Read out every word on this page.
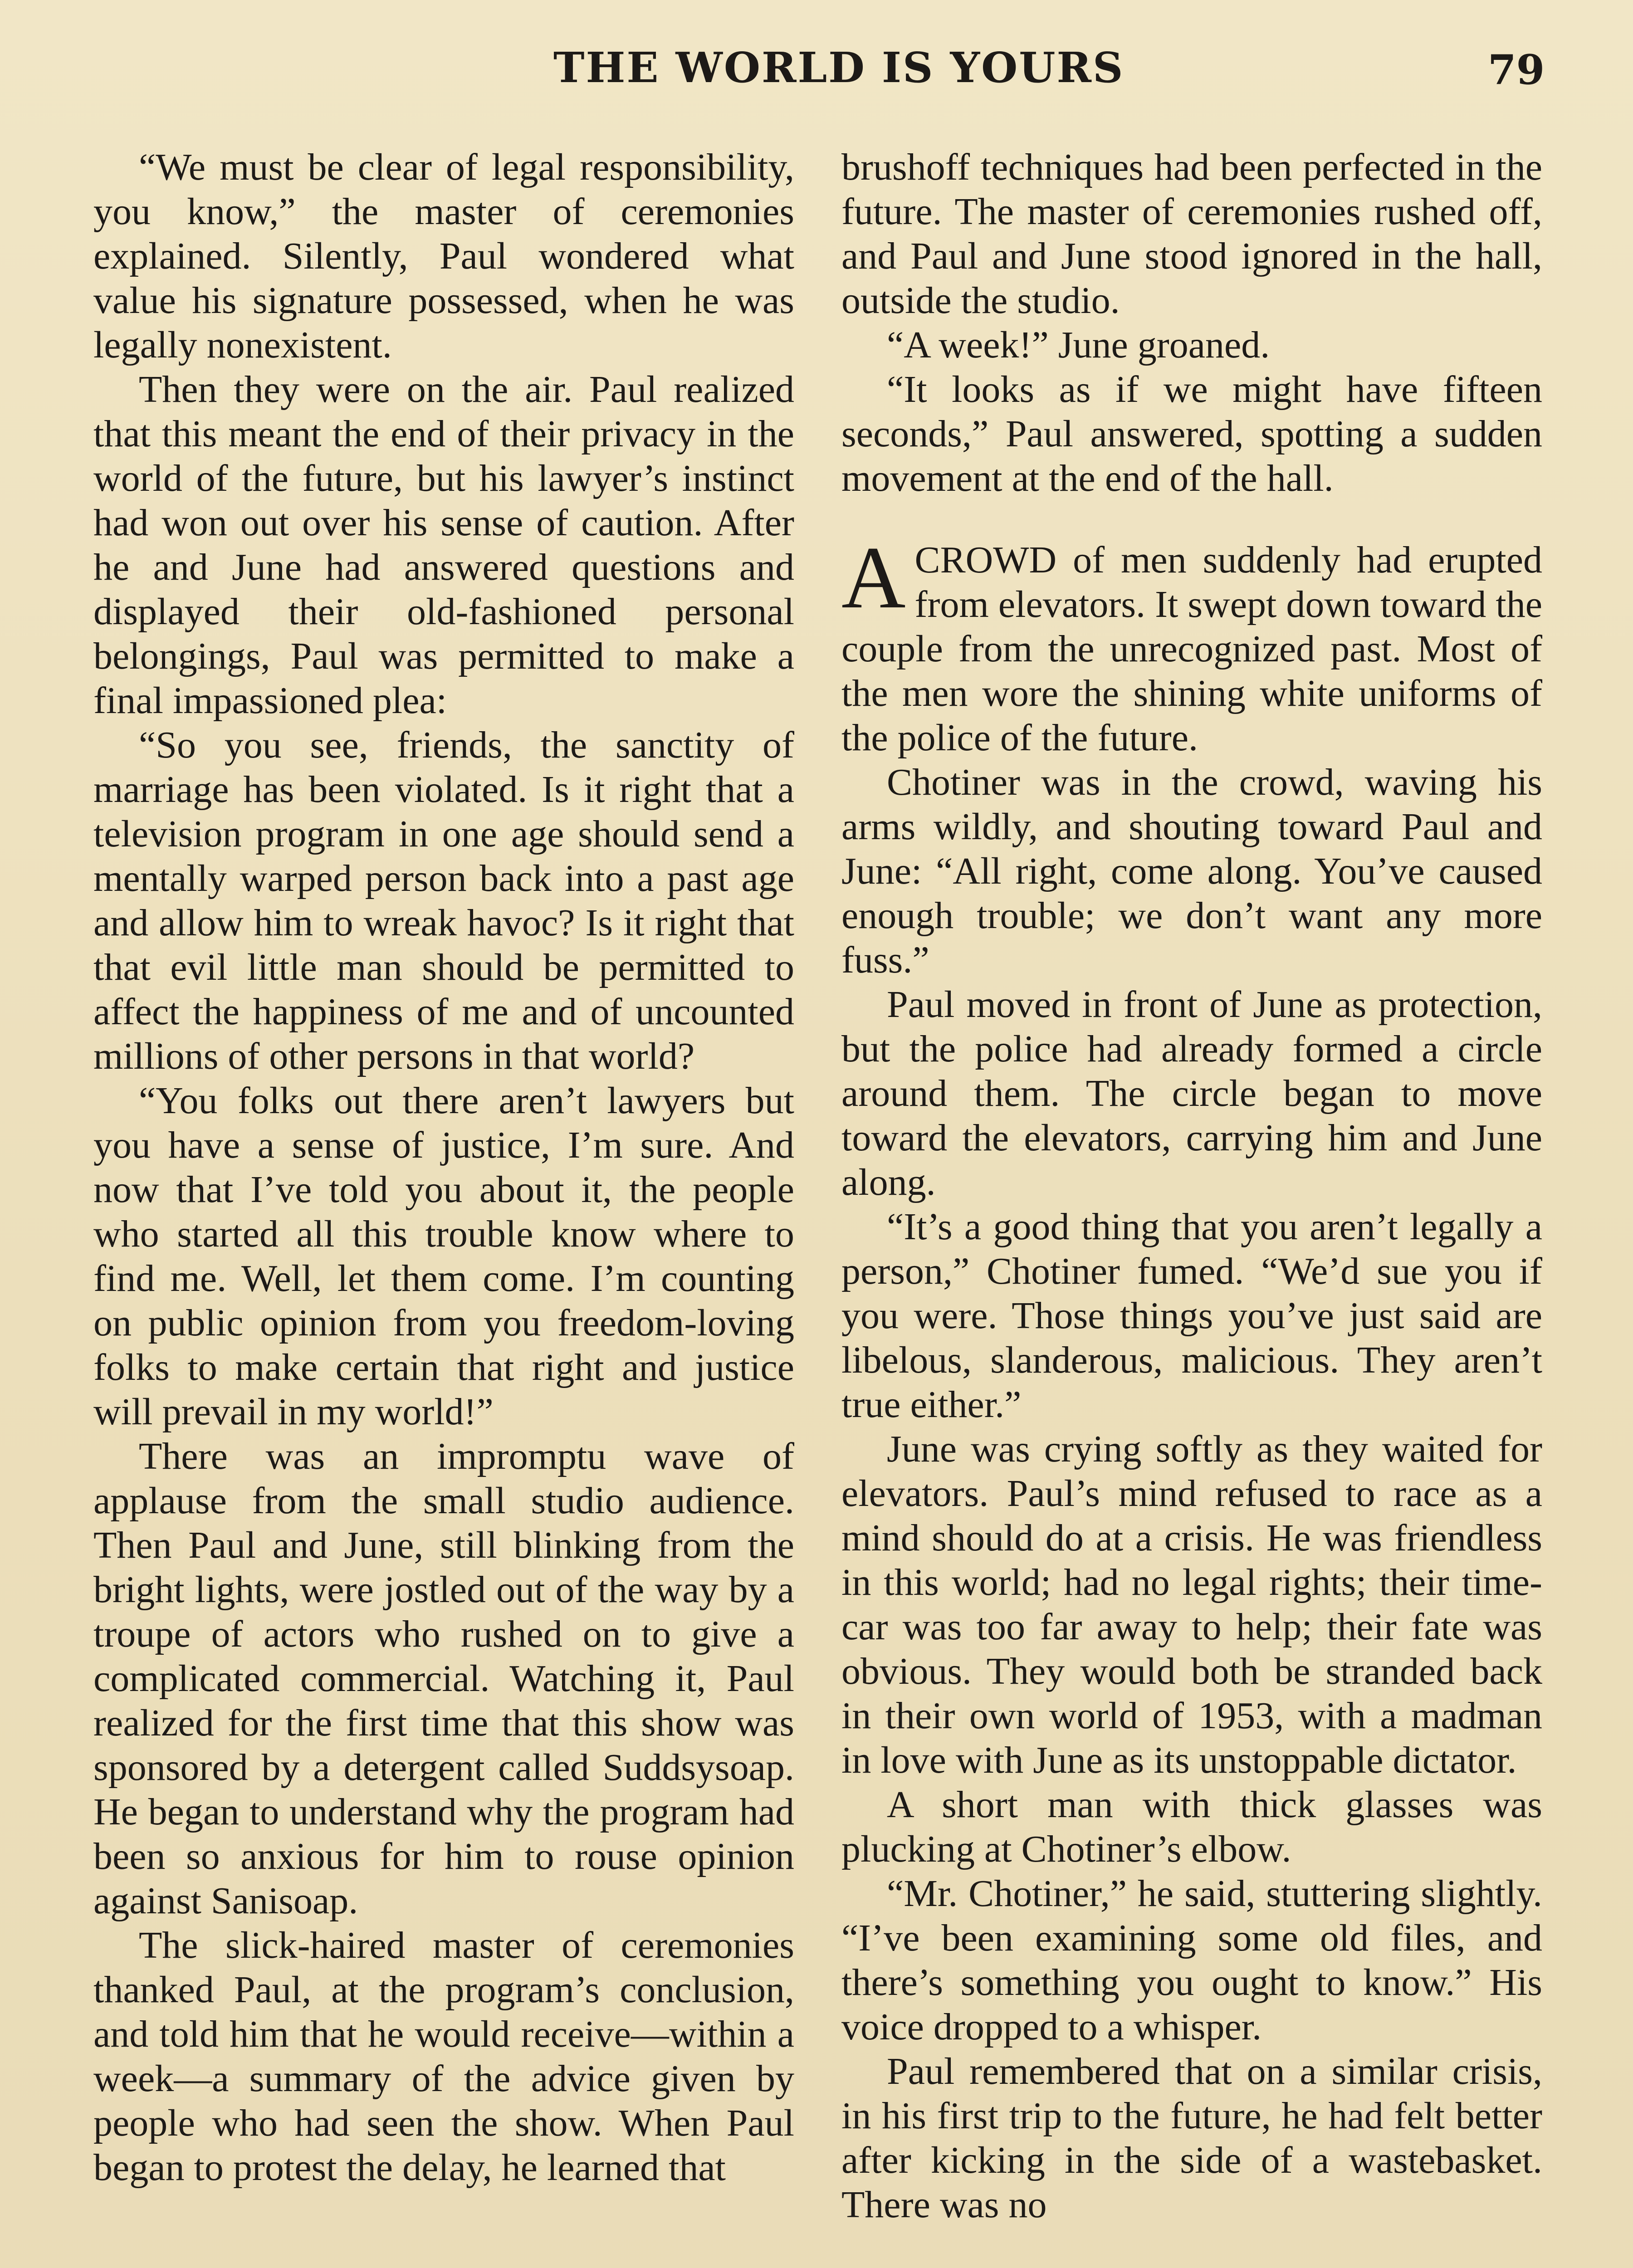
THE WORLD IS YOURS	79

“We must be clear of legal responsibility, you know,” the master of ceremonies explained. Silently, Paul wondered what value his signature possessed, when he was legally nonexistent.

Then they were on the air. Paul realized that this meant the end of their privacy in the world of the future, but his lawyer’s instinct had won out over his sense of caution. After he and June had answered questions and displayed their old-fashioned personal belongings, Paul was permitted to make a final impassioned plea:

“So you see, friends, the sanctity of marriage has been violated. Is it right that a television program in one age should send a mentally warped person back into a past age and allow him to wreak havoc? Is it right that that evil little man should be permitted to affect the happiness of me and of uncounted millions of other persons in that world?

“You folks out there aren’t lawyers but you have a sense of justice, I’m sure. And now that I’ve told you about it, the people who started all this trouble know where to find me. Well, let them come. I’m counting on public opinion from you freedom-loving folks to make certain that right and justice will prevail in my world!”

There was an impromptu wave of applause from the small studio audience. Then Paul and June, still blinking from the bright lights, were jostled out of the way by a troupe of actors who rushed on to give a complicated commercial. Watching it, Paul realized for the first time that this show was sponsored by a detergent called Suddsysoap. He began to understand why the program had been so anxious for him to rouse opinion against Sanisoap.

The slick-haired master of ceremonies thanked Paul, at the program’s conclusion, and told him that he would receive—within a week—a summary of the advice given by people who had seen the show. When Paul began to protest the delay, he learned that

brushoff techniques had been perfected in the future. The master of ceremonies rushed off, and Paul and June stood ignored in the hall, outside the studio.

“A week!” June groaned.

“It looks as if we might have fifteen seconds,” Paul answered, spotting a sudden movement at the end of the hall.

ACROWD of men suddenly had erupted from elevators. It swept down toward the couple from the unrecognized past. Most of the men wore the shining white uniforms of the police of the future.

Chotiner was in the crowd, waving his arms wildly, and shouting toward Paul and June: “All right, come along. You’ve caused enough trouble; we don’t want any more fuss.”

Paul moved in front of June as protection, but the police had already formed a circle around them. The circle began to move toward the elevators, carrying him and June along.

“It’s a good thing that you aren’t legally a person,” Chotiner fumed. “We’d sue you if you were. Those things you’ve just said are libelous, slanderous, malicious. They aren’t true either.”

June was crying softly as they waited for elevators. Paul’s mind refused to race as a mind should do at a crisis. He was friendless in this world; had no legal rights; their time-car was too far away to help; their fate was obvious. They would both be stranded back in their own world of 1953, with a madman in love with June as its unstoppable dictator.

A short man with thick glasses was plucking at Chotiner’s elbow.

“Mr. Chotiner,” he said, stuttering slightly. “I’ve been examining some old files, and there’s something you ought to know.” His voice dropped to a whisper.

Paul remembered that on a similar crisis, in his first trip to the future, he had felt better after kicking in the side of a wastebasket. There was no
